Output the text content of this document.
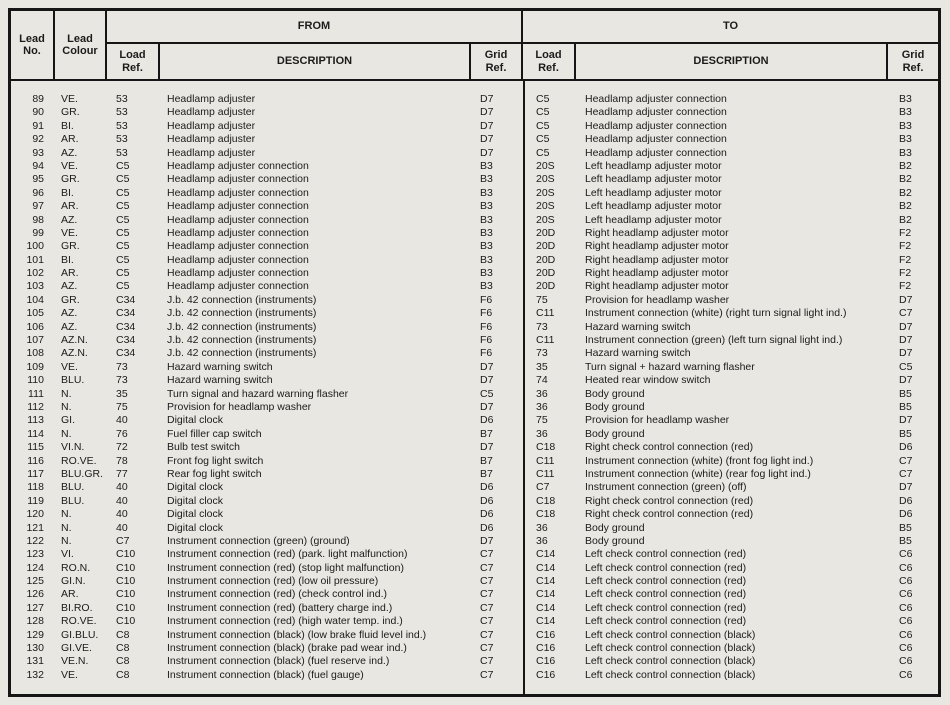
Lead No.
Lead Colour
FROM	TO
Load Ref.
DESCRIPTION
Grid Ref.
Load Ref.
DESCRIPTION
Grid Ref.
89	VE.	53	Headlamp adjuster	D7	C5	Headlamp adjuster connection	B3
90	GR.	53	Headlamp adjuster	D7	C5	Headlamp adjuster connection	B3
91	BI.	53	Headlamp adjuster	D7	C5	Headlamp adjuster connection	B3
92	AR.	53	Headlamp adjuster	D7	C5	Headlamp adjuster connection	B3
93	AZ.	53	Headlamp adjuster	D7	C5	Headlamp adjuster connection	B3
94	VE.	C5	Headlamp adjuster connection	B3	20S	Left headlamp adjuster motor	B2
95	GR.	C5	Headlamp adjuster connection	B3	20S	Left headlamp adjuster motor	B2
96	BI.	C5	Headlamp adjuster connection	B3	20S	Left headlamp adjuster motor	B2
97	AR.	C5	Headlamp adjuster connection	B3	20S	Left headlamp adjuster motor	B2
98	AZ.	C5	Headlamp adjuster connection	B3	20S	Left headlamp adjuster motor	B2
99	VE.	C5	Headlamp adjuster connection	B3	20D	Right headlamp adjuster motor	F2
100	GR.	C5	Headlamp adjuster connection	B3	20D	Right headlamp adjuster motor	F2
101	BI.	C5	Headlamp adjuster connection	B3	20D	Right headlamp adjuster motor	F2
102	AR.	C5	Headlamp adjuster connection	B3	20D	Right headlamp adjuster motor	F2
103	AZ.	C5	Headlamp adjuster connection	B3	20D	Right headlamp adjuster motor	F2
104	GR.	C34	J.b. 42 connection (instruments)	F6	75	Provision for headlamp washer	D7
105	AZ.	C34	J.b. 42 connection (instruments)	F6	C11	Instrument connection (white) (right turn signal light ind.)	C7
106	AZ.	C34	J.b. 42 connection (instruments)	F6	73	Hazard warning switch	D7
107	AZ.N.	C34	J.b. 42 connection (instruments)	F6	C11	Instrument connection (green) (left turn signal light ind.)	D7
108	AZ.N.	C34	J.b. 42 connection (instruments)	F6	73	Hazard warning switch	D7
109	VE.	73	Hazard warning switch	D7	35	Turn signal + hazard warning flasher	C5
110	BLU.	73	Hazard warning switch	D7	74	Heated rear window switch	D7
111	N.	35	Turn signal and hazard warning flasher	C5	36	Body ground	B5
112	N.	75	Provision for headlamp washer	D7	36	Body ground	B5
113	GI.	40	Digital clock	D6	75	Provision for headlamp washer	D7
114	N.	76	Fuel filler cap switch	B7	36	Body ground	B5
115	VI.N.	72	Bulb test switch	D7	C18	Right check control connection (red)	D6
116	RO.VE.	78	Front fog light switch	B7	C11	Instrument connection (white) (front fog light ind.)	C7
117	BLU.GR.	77	Rear fog light switch	B7	C11	Instrument connection (white) (rear fog light ind.)	C7
118	BLU.	40	Digital clock	D6	C7	Instrument connection (green) (off)	D7
119	BLU.	40	Digital clock	D6	C18	Right check control connection (red)	D6
120	N.	40	Digital clock	D6	C18	Right check control connection (red)	D6
121	N.	40	Digital clock	D6	36	Body ground	B5
122	N.	C7	Instrument connection (green) (ground)	D7	36	Body ground	B5
123	VI.	C10	Instrument connection (red) (park. light malfunction)	C7	C14	Left check control connection (red)	C6
124	RO.N.	C10	Instrument connection (red) (stop light malfunction)	C7	C14	Left check control connection (red)	C6
125	GI.N.	C10	Instrument connection (red) (low oil pressure)	C7	C14	Left check control connection (red)	C6
126	AR.	C10	Instrument connection (red) (check control ind.)	C7	C14	Left check control connection (red)	C6
127	BI.RO.	C10	Instrument connection (red) (battery charge ind.)	C7	C14	Left check control connection (red)	C6
128	RO.VE.	C10	Instrument connection (red) (high water temp. ind.)	C7	C14	Left check control connection (red)	C6
129	GI.BLU.	C8	Instrument connection (black) (low brake fluid level ind.)	C7	C16	Left check control connection (black)	C6
130	GI.VE.	C8	Instrument connection (black) (brake pad wear ind.)	C7	C16	Left check control connection (black)	C6
131	VE.N.	C8	Instrument connection (black) (fuel reserve ind.)	C7	C16	Left check control connection (black)	C6
132	VE.	C8	Instrument connection (black) (fuel gauge)	C7	C16	Left check control connection (black)	C6
